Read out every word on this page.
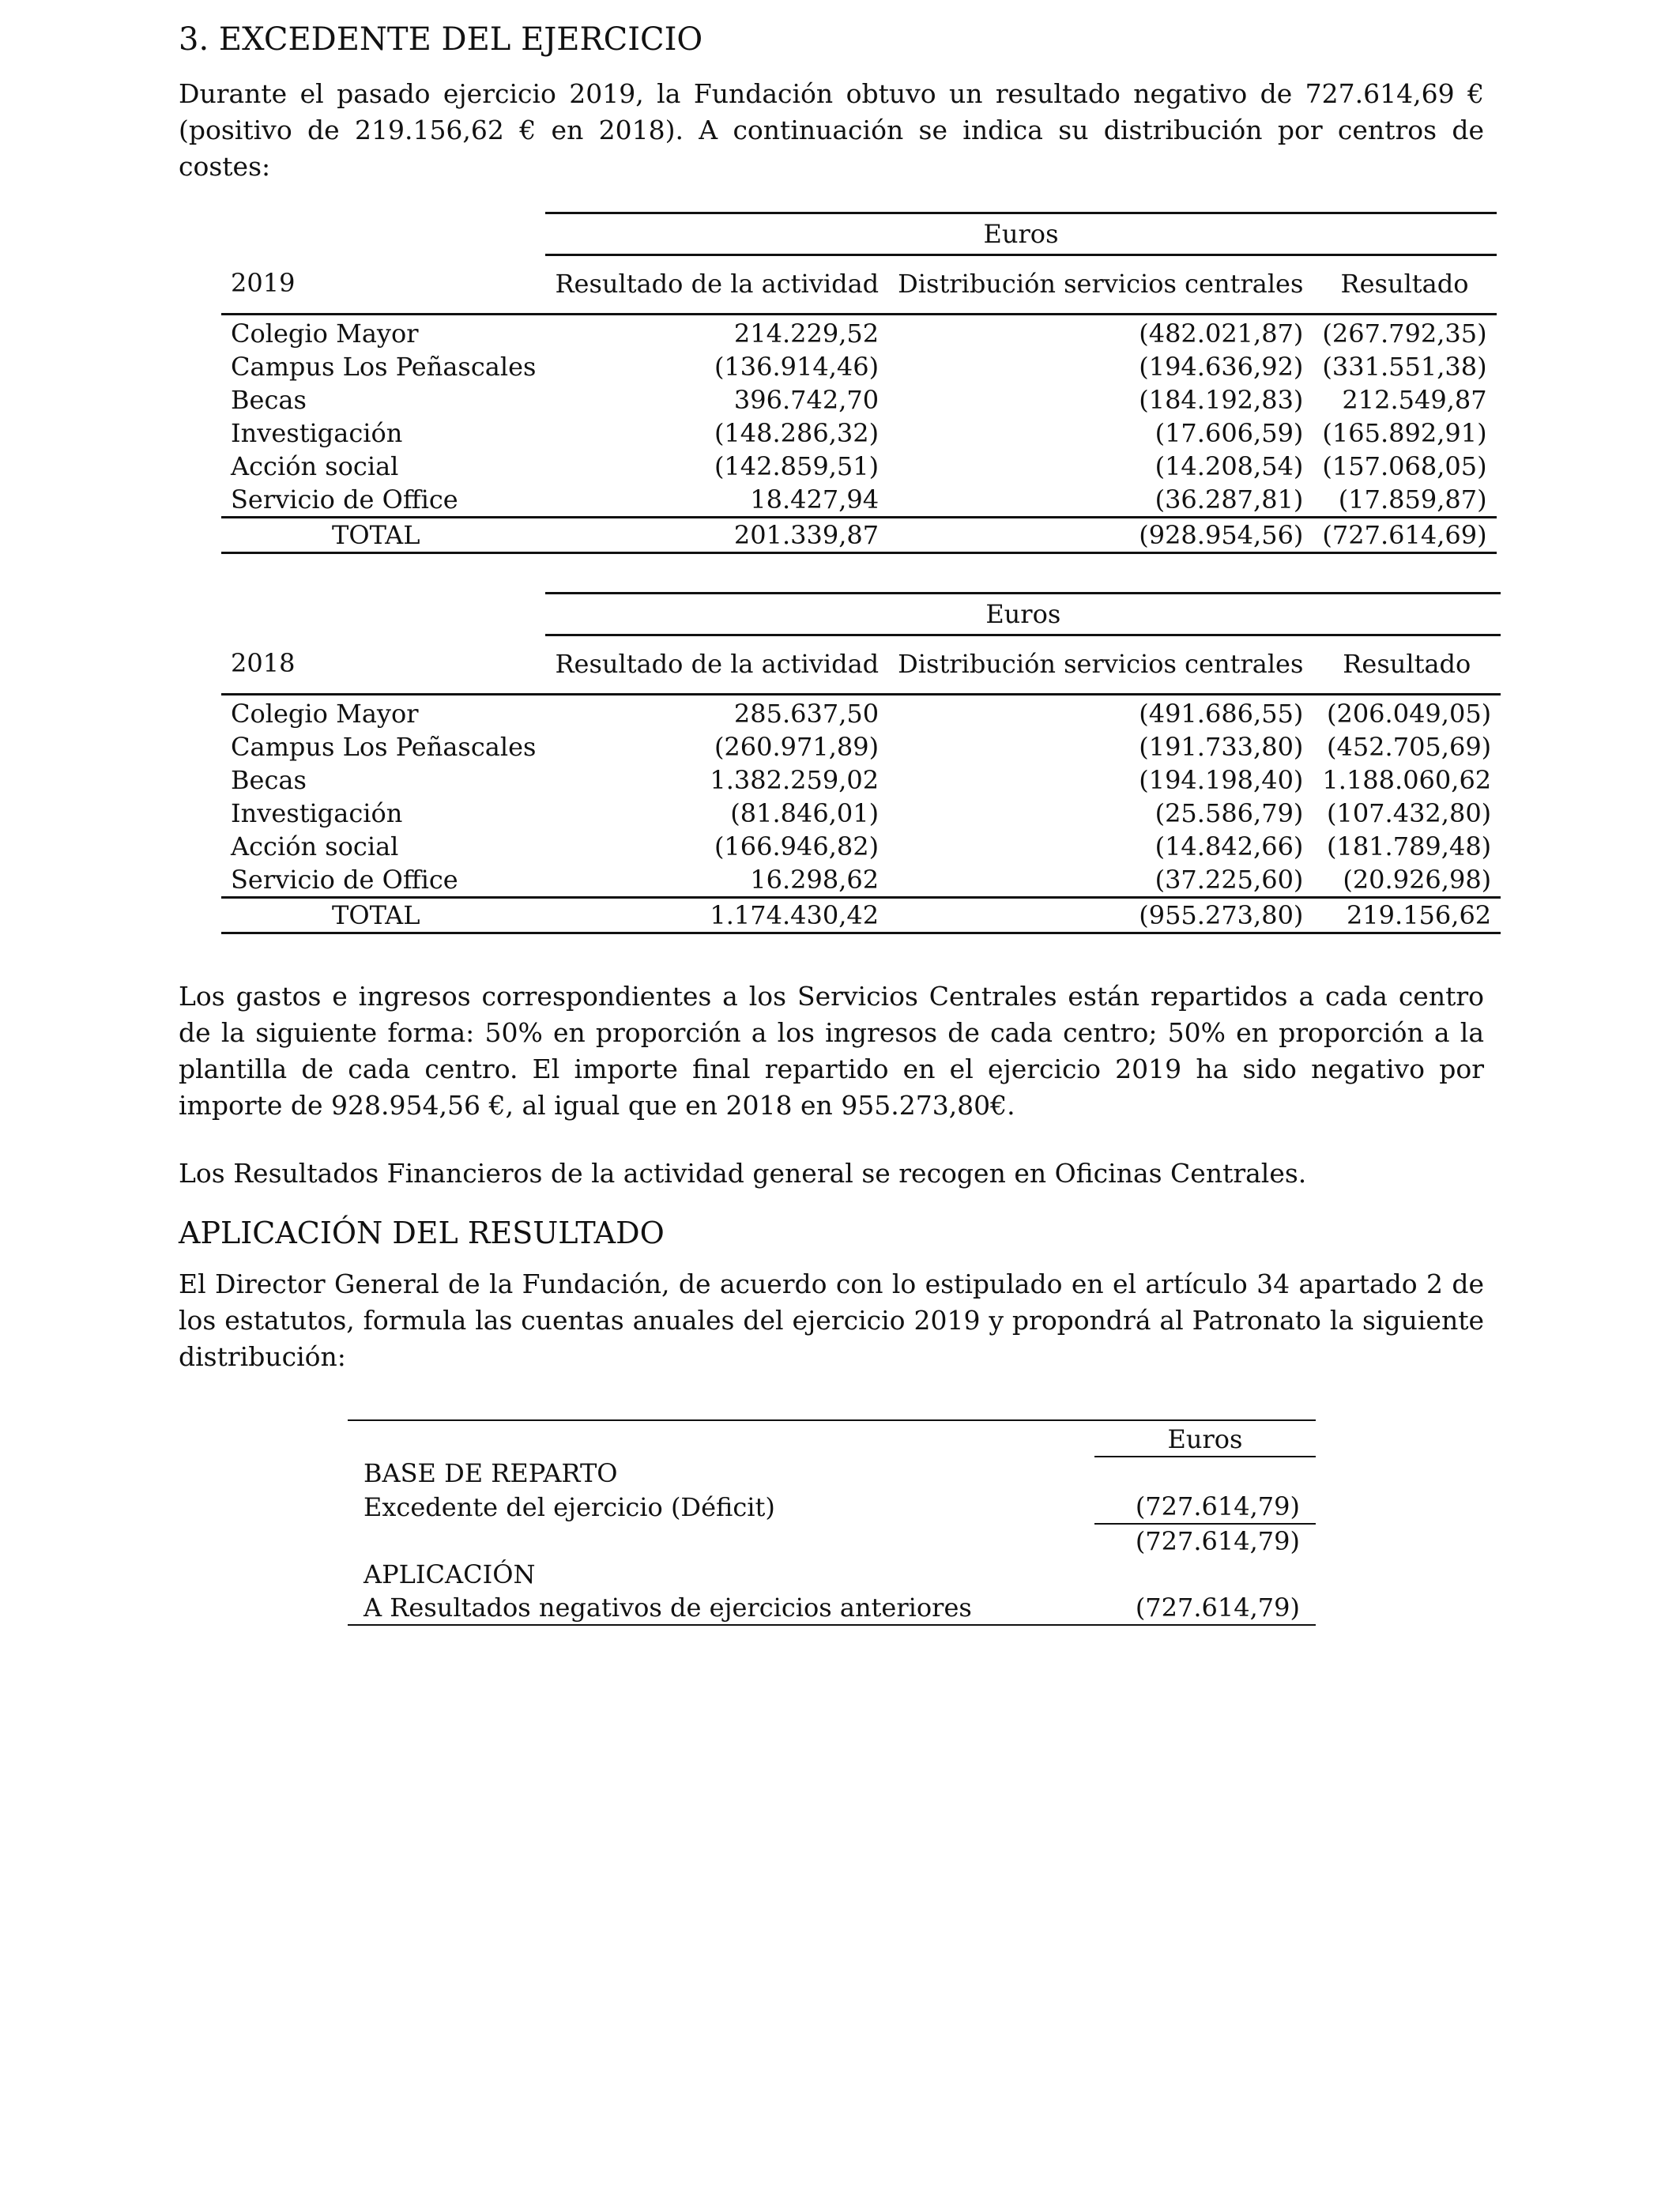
3. EXCEDENTE DEL EJERCICIO

Durante el pasado ejercicio 2019, la Fundación obtuvo un resultado negativo de 727.614,69 € (positivo de 219.156,62 € en 2018). A continuación se indica su distribución por centros de costes:

	Euros		
2019	Resultado de la actividad	Distribución servicios centrales	Resultado
Colegio Mayor	214.229,52	(482.021,87)	(267.792,35)
Campus Los Peñascales	(136.914,46)	(194.636,92)	(331.551,38)
Becas	396.742,70	(184.192,83)	212.549,87
Investigación	(148.286,32)	(17.606,59)	(165.892,91)
Acción social	(142.859,51)	(14.208,54)	(157.068,05)
Servicio de Office	18.427,94	(36.287,81)	(17.859,87)
TOTAL	201.339,87	(928.954,56)	(727.614,69)
	Euros		
2018	Resultado de la actividad	Distribución servicios centrales	Resultado
Colegio Mayor	285.637,50	(491.686,55)	(206.049,05)
Campus Los Peñascales	(260.971,89)	(191.733,80)	(452.705,69)
Becas	1.382.259,02	(194.198,40)	1.188.060,62
Investigación	(81.846,01)	(25.586,79)	(107.432,80)
Acción social	(166.946,82)	(14.842,66)	(181.789,48)
Servicio de Office	16.298,62	(37.225,60)	(20.926,98)
TOTAL	1.174.430,42	(955.273,80)	219.156,62

Los gastos e ingresos correspondientes a los Servicios Centrales están repartidos a cada centro de la siguiente forma: 50% en proporción a los ingresos de cada centro; 50% en proporción a la plantilla de cada centro. El importe final repartido en el ejercicio 2019 ha sido negativo por importe de 928.954,56 €, al igual que en 2018 en 955.273,80€.

Los Resultados Financieros de la actividad general se recogen en Oficinas Centrales.

APLICACIÓN DEL RESULTADO

El Director General de la Fundación, de acuerdo con lo estipulado en el artículo 34 apartado 2 de los estatutos, formula las cuentas anuales del ejercicio 2019 y propondrá al Patronato la siguiente distribución:

	Euros
BASE DE REPARTO	
Excedente del ejercicio (Déficit)	(727.614,79)
	(727.614,79)
APLICACIÓN	
A Resultados negativos de ejercicios anteriores	(727.614,79)
